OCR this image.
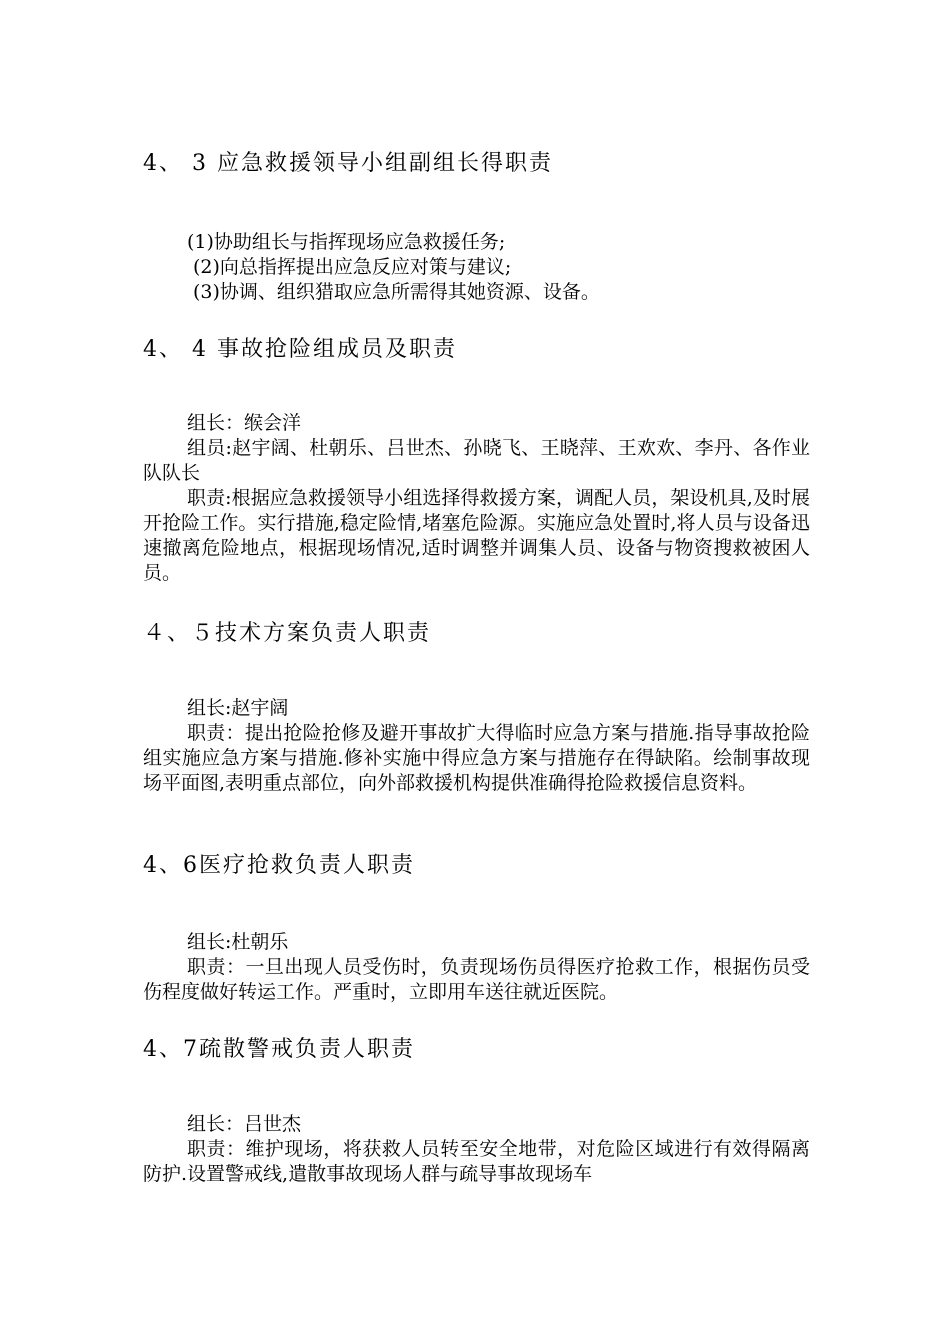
4、 3 应急救援领导小组副组长得职责
(1)协助组长与指挥现场应急救援任务;
(2)向总指挥提出应急反应对策与建议;
(3)协调、组织猎取应急所需得其她资源、设备。
4、 4 事故抢险组成员及职责
组长：缑会洋
组员:赵宇阔、杜朝乐、吕世杰、孙晓飞、王晓萍、王欢欢、李丹、各作业队队长
职责:根据应急救援领导小组选择得救援方案，调配人员，架设机具,及时展开抢险工作。实行措施,稳定险情,堵塞危险源。实施应急处置时,将人员与设备迅速撤离危险地点，根据现场情况,适时调整并调集人员、设备与物资搜救被困人员。
４、５技术方案负责人职责
组长:赵宇阔
职责：提出抢险抢修及避开事故扩大得临时应急方案与措施.指导事故抢险组实施应急方案与措施.修补实施中得应急方案与措施存在得缺陷。绘制事故现场平面图,表明重点部位，向外部救援机构提供准确得抢险救援信息资料。
4、6医疗抢救负责人职责
组长:杜朝乐
职责：一旦出现人员受伤时，负责现场伤员得医疗抢救工作，根据伤员受伤程度做好转运工作。严重时，立即用车送往就近医院。
4、7疏散警戒负责人职责
组长：吕世杰
职责：维护现场，将获救人员转至安全地带，对危险区域进行有效得隔离防护.设置警戒线,遣散事故现场人群与疏导事故现场车
